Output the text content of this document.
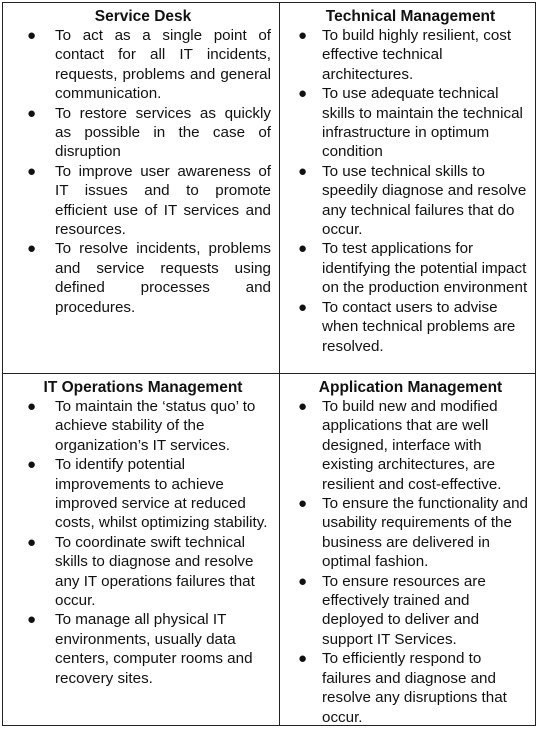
Service Desk

● To act as a single point of contact for all IT incidents, requests, problems and general communication.
● To restore services as quickly as possible in the case of disruption
● To improve user awareness of IT issues and to promote efficient use of IT services and resources.
● To resolve incidents, problems and service requests using defined processes and procedures.

Technical Management

● To build highly resilient, cost effective technical architectures.
● To use adequate technical skills to maintain the technical infrastructure in optimum condition
● To use technical skills to speedily diagnose and resolve any technical failures that do occur.
● To test applications for identifying the potential impact on the production environment
● To contact users to advise when technical problems are resolved.

IT Operations Management

● To maintain the ‘status quo’ to achieve stability of the organization’s IT services.
● To identify potential improvements to achieve improved service at reduced costs, whilst optimizing stability.
● To coordinate swift technical skills to diagnose and resolve any IT operations failures that occur.
● To manage all physical IT environments, usually data centers, computer rooms and recovery sites.

Application Management

● To build new and modified applications that are well designed, interface with existing architectures, are resilient and cost-effective.
● To ensure the functionality and usability requirements of the business are delivered in optimal fashion.
● To ensure resources are effectively trained and deployed to deliver and support IT Services.
● To efficiently respond to failures and diagnose and resolve any disruptions that occur.
